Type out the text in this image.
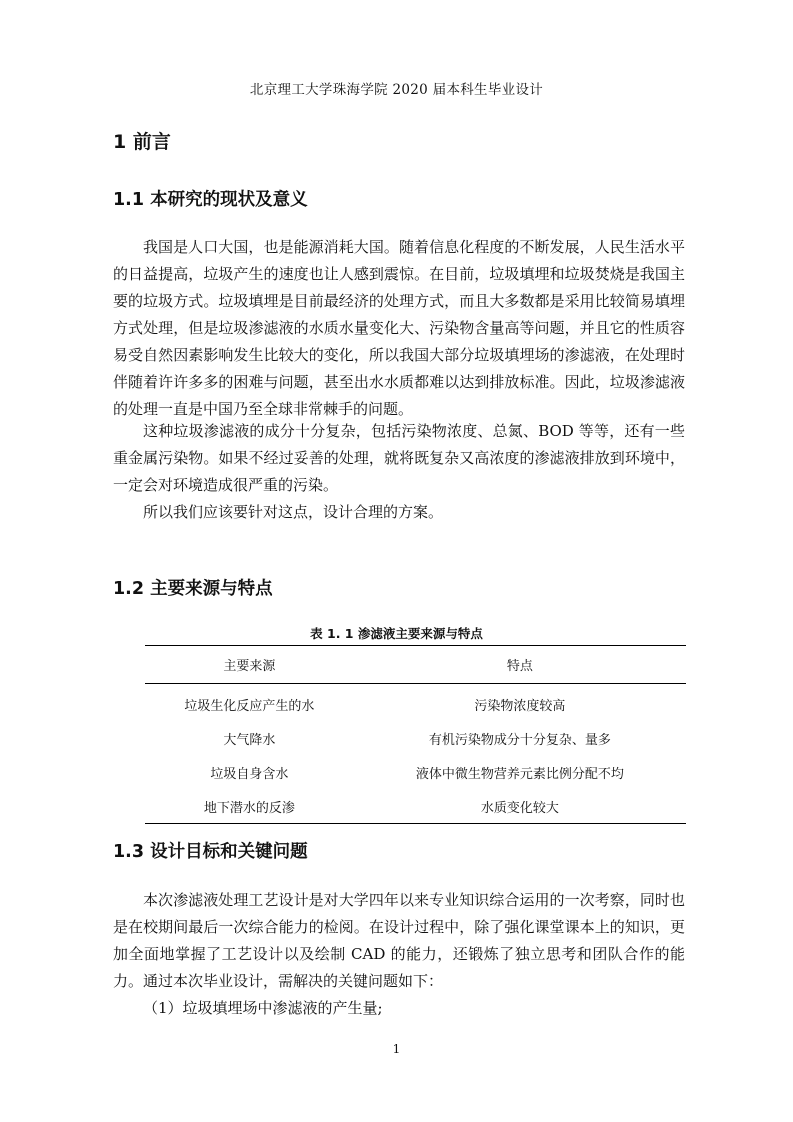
北京理工大学珠海学院 2020 届本科生毕业设计
1 前言
1.1 本研究的现状及意义

我国是人口大国，也是能源消耗大国。随着信息化程度的不断发展，人民生活水平的日益提高，垃圾产生的速度也让人感到震惊。在目前，垃圾填埋和垃圾焚烧是我国主要的垃圾方式。垃圾填埋是目前最经济的处理方式，而且大多数都是采用比较简易填埋方式处理，但是垃圾渗滤液的水质水量变化大、污染物含量高等问题，并且它的性质容易受自然因素影响发生比较大的变化，所以我国大部分垃圾填埋场的渗滤液，在处理时伴随着许许多多的困难与问题，甚至出水水质都难以达到排放标准。因此，垃圾渗滤液的处理一直是中国乃至全球非常棘手的问题。

这种垃圾渗滤液的成分十分复杂，包括污染物浓度、总氮、BOD 等等，还有一些重金属污染物。如果不经过妥善的处理，就将既复杂又高浓度的渗滤液排放到环境中，一定会对环境造成很严重的污染。

所以我们应该要针对这点，设计合理的方案。

1.2 主要来源与特点
表 1. 1 渗滤液主要来源与特点
主要来源	特点
垃圾生化反应产生的水	污染物浓度较高
大气降水	有机污染物成分十分复杂、量多
垃圾自身含水	液体中微生物营养元素比例分配不均
地下潜水的反渗	水质变化较大
1.3 设计目标和关键问题

本次渗滤液处理工艺设计是对大学四年以来专业知识综合运用的一次考察，同时也是在校期间最后一次综合能力的检阅。在设计过程中，除了强化课堂课本上的知识，更加全面地掌握了工艺设计以及绘制 CAD 的能力，还锻炼了独立思考和团队合作的能力。 通过本次毕业设计，需解决的关键问题如下：

（1）垃圾填埋场中渗滤液的产生量;

1
